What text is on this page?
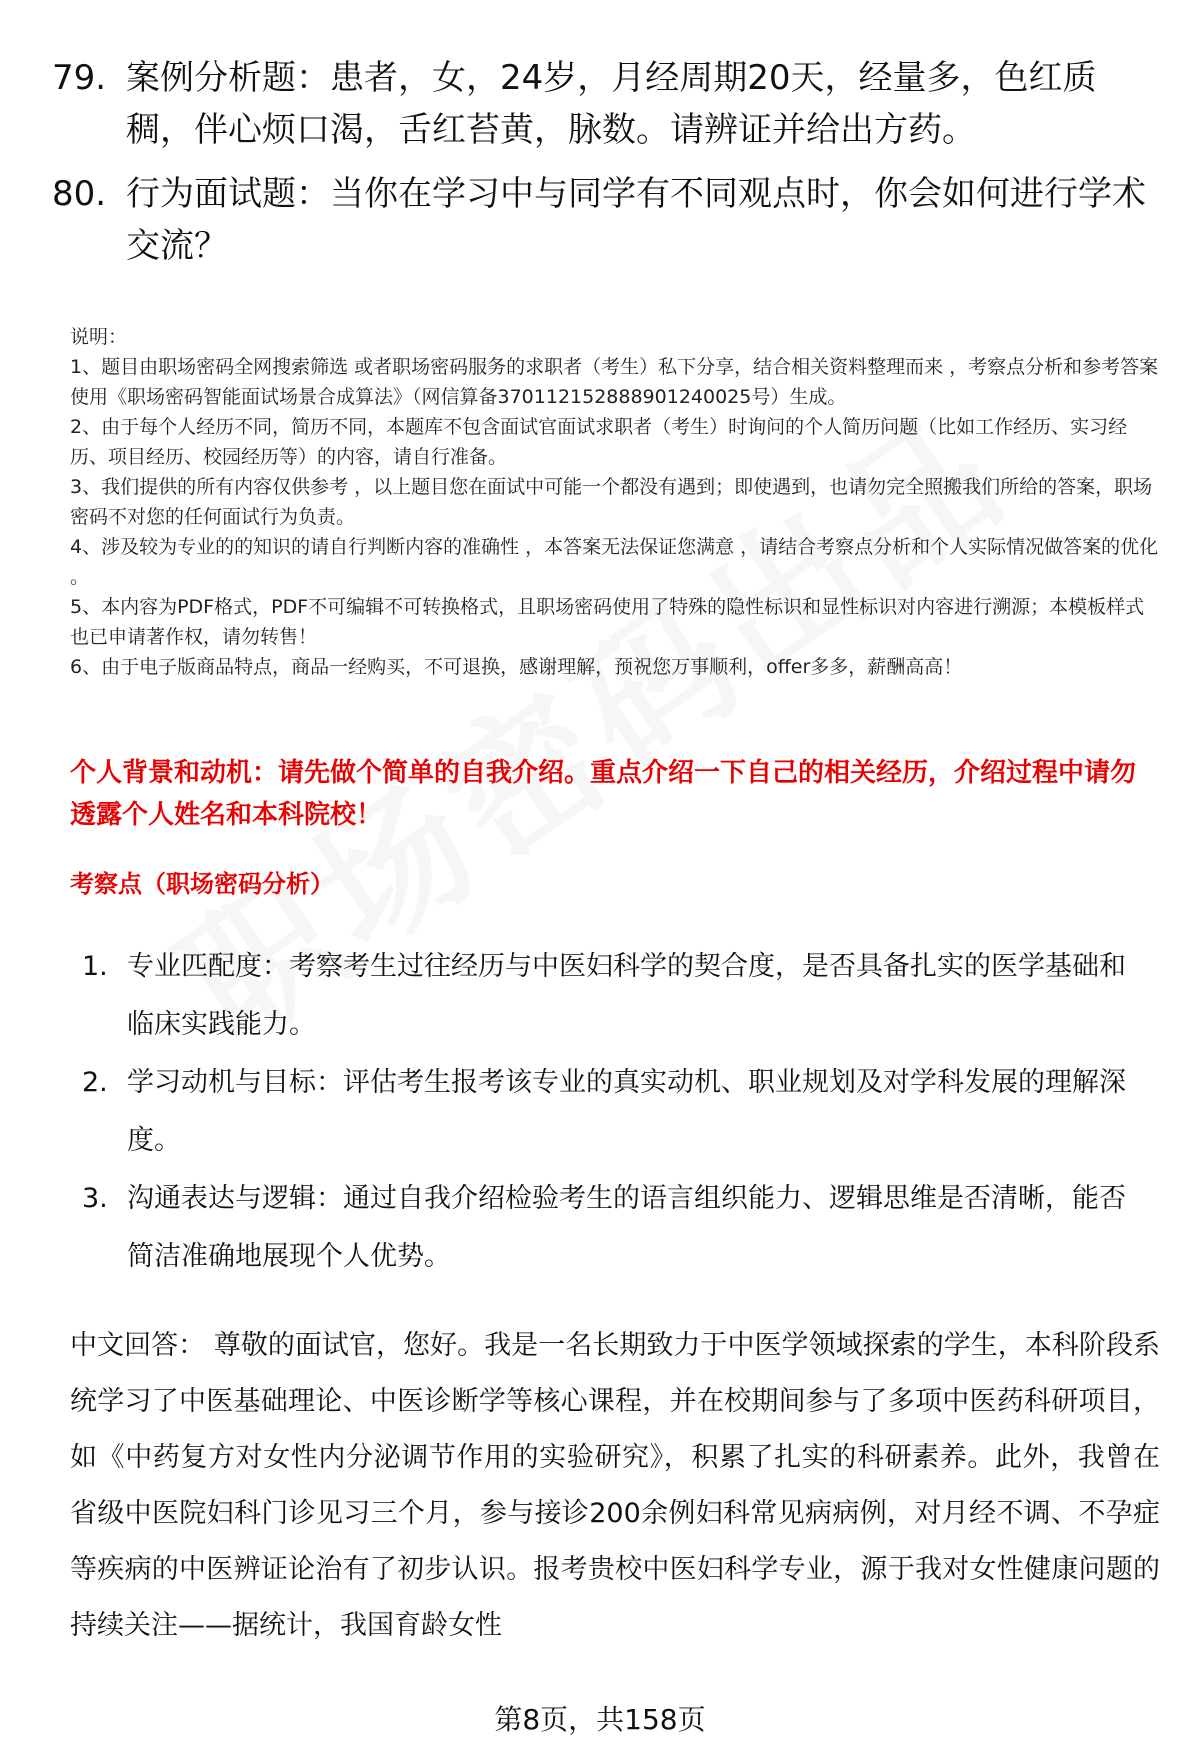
79. 案例分析题：患者，女，24岁，月经周期20天，经量多，色红质稠，伴心烦口渴，舌红苔黄，脉数。请辨证并给出方药。
80. 行为面试题：当你在学习中与同学有不同观点时，你会如何进行学术交流？

说明：

1、题目由职场密码全网搜索筛选 或者职场密码服务的求职者（考生）私下分享，结合相关资料整理而来 ，考察点分析和参考答案使用《职场密码智能面试场景合成算法》（网信算备370112152888901240025号）生成。

2、由于每个人经历不同，简历不同，本题库不包含面试官面试求职者（考生）时询问的个人简历问题（比如工作经历、实习经历、项目经历、校园经历等）的内容，请自行准备。

3、我们提供的所有内容仅供参考 ，以上题目您在面试中可能一个都没有遇到；即使遇到，也请勿完全照搬我们所给的答案，职场密码不对您的任何面试行为负责。

4、涉及较为专业的的知识的请自行判断内容的准确性 ，本答案无法保证您满意 ，请结合考察点分析和个人实际情况做答案的优化 。

5、本内容为PDF格式，PDF不可编辑不可转换格式，且职场密码使用了特殊的隐性标识和显性标识对内容进行溯源；本模板样式也已申请著作权，请勿转售！

6、由于电子版商品特点，商品一经购买，不可退换，感谢理解，预祝您万事顺利，offer多多，薪酬高高！

个人背景和动机：请先做个简单的自我介绍。重点介绍一下自己的相关经历，介绍过程中请勿透露个人姓名和本科院校！
考察点（职场密码分析）
1. 专业匹配度：考察考生过往经历与中医妇科学的契合度，是否具备扎实的医学基础和临床实践能力。
2. 学习动机与目标：评估考生报考该专业的真实动机、职业规划及对学科发展的理解深度。
3. 沟通表达与逻辑：通过自我介绍检验考生的语言组织能力、逻辑思维是否清晰，能否简洁准确地展现个人优势。
中文回答： 尊敬的面试官，您好。我是一名长期致力于中医学领域探索的学生，本科阶段系统学习了中医基础理论、中医诊断学等核心课程，并在校期间参与了多项中医药科研项目，如《中药复方对女性内分泌调节作用的实验研究》，积累了扎实的科研素养。此外，我曾在省级中医院妇科门诊见习三个月，参与接诊200余例妇科常见病病例，对月经不调、不孕症等疾病的中医辨证论治有了初步认识。报考贵校中医妇科学专业，源于我对女性健康问题的持续关注——据统计，我国育龄女性
第8页，共158页
